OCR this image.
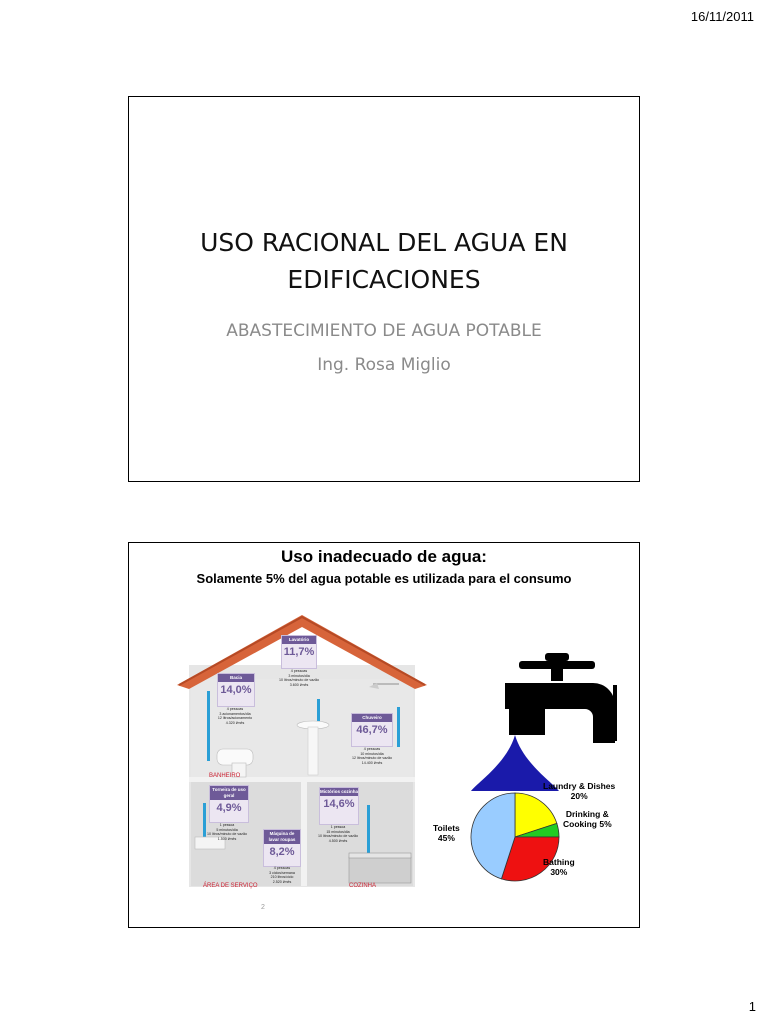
16/11/2011
USO RACIONAL DEL AGUA EN
EDIFICACIONES
ABASTECIMIENTO DE AGUA POTABLE
Ing. Rosa Miglio
Uso inadecuado de agua:
Solamente 5% del agua potable es utilizada para el consumo
BANHEIRO
ÁREA DE SERVIÇO	COZINHA
Lavatório
11,7%
4 pessoas
3 minutos/dia
10 litros/minuto de vazão
3.600 l/mês
Bacia
14,0%
4 pessoas
3 acionamentos/dia
12 litros/acionamento
4.320 l/mês
Chuveiro
46,7%
4 pessoas
10 minutos/dia
12 litros/minuto de vazão
14.400 l/mês
Torneira de uso geral
4,9%
1 pessoa
5 minutos/dia
10 litros/minuto de vazão
1.500 l/mês
Máquina de lavar roupas
8,2%
4 pessoas
3 ciclos/semana
210 litros/ciclo
2.520 l/mês
Mictórios cozinha
14,6%
1 pessoa
15 minutos/dia
10 litros/minuto de vazão
4.500 l/mês
Laundry & Dishes
20%
Drinking &
Cooking 5%
Bathing
30%
Toilets
45%
2
1
